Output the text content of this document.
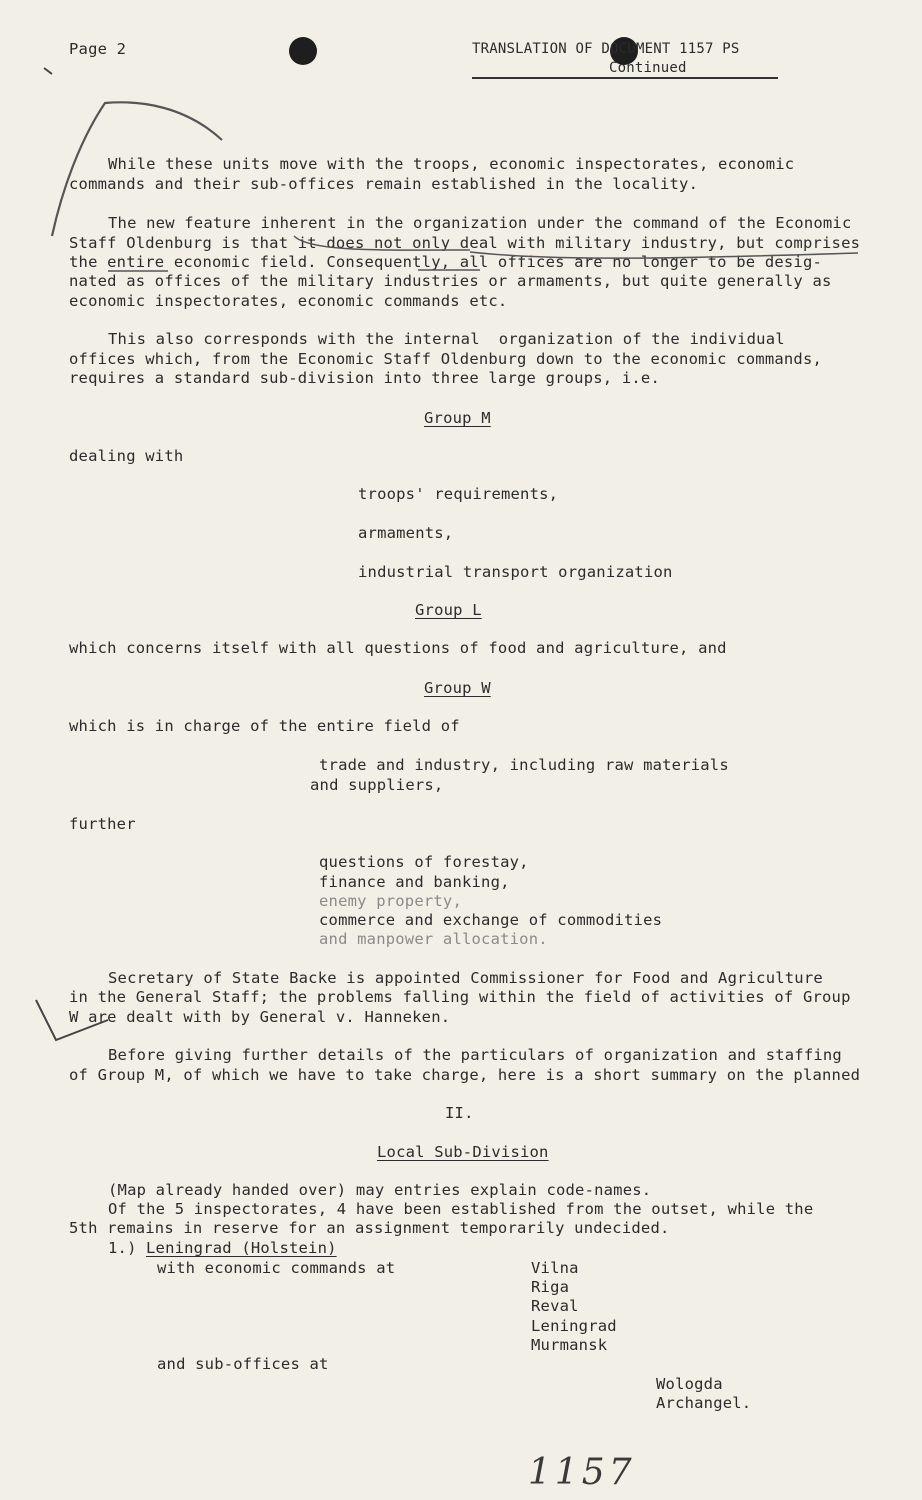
Page 2	TRANSLATION OF DOCUMENT 1157 PS
Continued
While these units move with the troops, economic inspectorates, economic
commands and their sub-offices remain established in the locality.
The new feature inherent in the organization under the command of the Economic
Staff Oldenburg is that it does not only deal with military industry, but comprises
the entire economic field. Consequently, all offices are no longer to be desig-
nated as offices of the military industries or armaments, but quite generally as
economic inspectorates, economic commands etc.
This also corresponds with the internal  organization of the individual
offices which, from the Economic Staff Oldenburg down to the economic commands,
requires a standard sub-division into three large groups, i.e.
Group M
dealing with
troops' requirements,
armaments,
industrial transport organization
Group L
which concerns itself with all questions of food and agriculture, and
Group W
which is in charge of the entire field of
trade and industry, including raw materials
and suppliers,
further
questions of forestay,
finance and banking,
enemy property,
commerce and exchange of commodities
and manpower allocation.
Secretary of State Backe is appointed Commissioner for Food and Agriculture
in the General Staff; the problems falling within the field of activities of Group
W are dealt with by General v. Hanneken.
Before giving further details of the particulars of organization and staffing
of Group M, of which we have to take charge, here is a short summary on the planned
II.
Local Sub-Division
(Map already handed over) may entries explain code-names.
Of the 5 inspectorates, 4 have been established from the outset, while the
5th remains in reserve for an assignment temporarily undecided.
1.) Leningrad (Holstein)
with economic commands at	Vilna
Riga
Reval
Leningrad
Murmansk
and sub-offices at
Wologda
Archangel.
1157
